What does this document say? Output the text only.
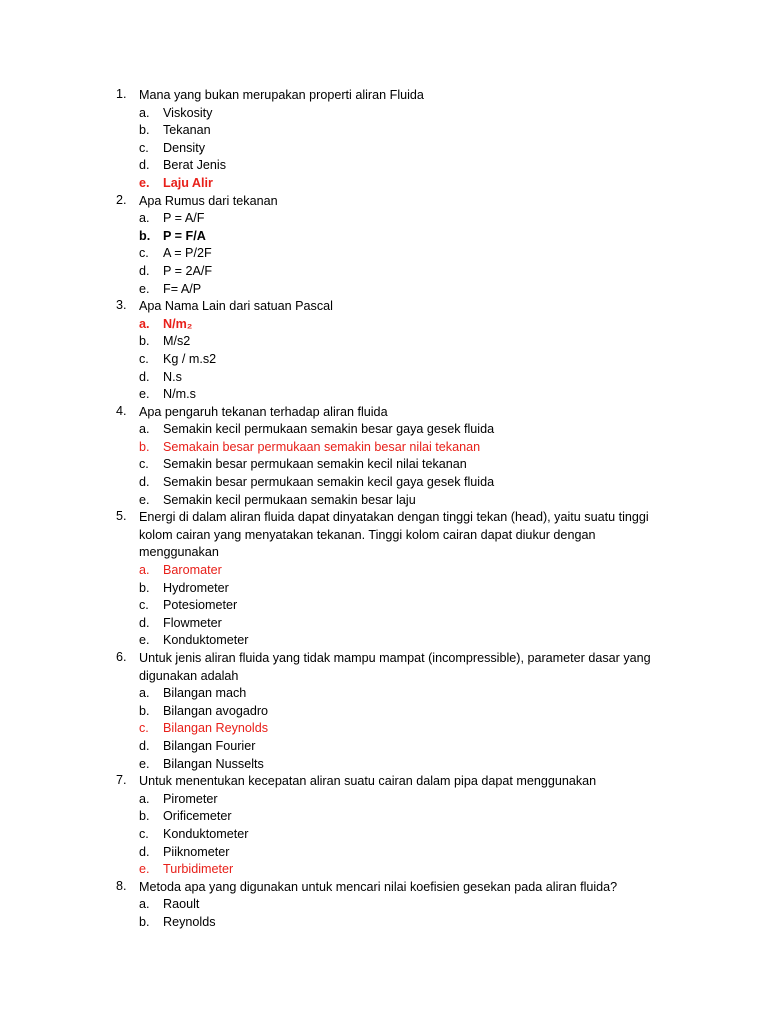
1. Mana yang bukan merupakan properti aliran Fluida
a. Viskosity
b. Tekanan
c. Density
d. Berat Jenis
e. Laju Alir
2. Apa Rumus dari tekanan
a. P = A/F
b. P = F/A
c. A = P/2F
d. P = 2A/F
e. F= A/P
3. Apa Nama Lain dari satuan Pascal
a. N/m₂
b. M/s2
c. Kg / m.s2
d. N.s
e. N/m.s
4. Apa pengaruh tekanan terhadap aliran fluida
a. Semakin kecil permukaan semakin besar gaya gesek fluida
b. Semakain besar permukaan semakin besar nilai tekanan
c. Semakin besar permukaan semakin kecil nilai tekanan
d. Semakin besar permukaan semakin kecil gaya gesek fluida
e. Semakin kecil permukaan semakin besar laju
5. Energi di dalam aliran fluida dapat dinyatakan dengan tinggi tekan (head), yaitu suatu tinggi kolom cairan yang menyatakan tekanan. Tinggi kolom cairan dapat diukur dengan menggunakan
a. Baromater
b. Hydrometer
c. Potesiometer
d. Flowmeter
e. Konduktometer
6. Untuk jenis aliran fluida yang tidak mampu mampat (incompressible), parameter dasar yang digunakan adalah
a. Bilangan mach
b. Bilangan avogadro
c. Bilangan Reynolds
d. Bilangan Fourier
e. Bilangan Nusselts
7. Untuk menentukan kecepatan aliran suatu cairan dalam pipa dapat menggunakan
a. Pirometer
b. Orificemeter
c. Konduktometer
d. Piiknometer
e. Turbidimeter
8. Metoda apa yang digunakan untuk mencari nilai koefisien gesekan pada aliran fluida?
a. Raoult
b. Reynolds
